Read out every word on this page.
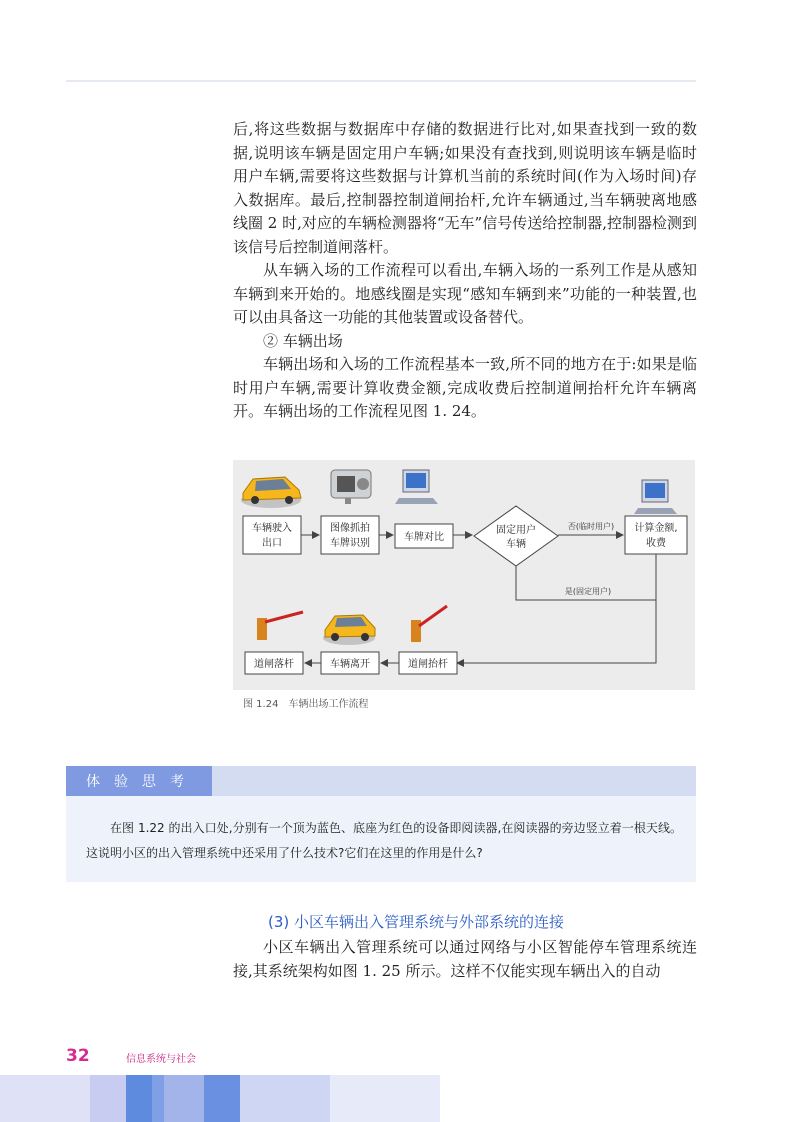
后,将这些数据与数据库中存储的数据进行比对,如果查找到一致的数据,说明该车辆是固定用户车辆;如果没有查找到,则说明该车辆是临时用户车辆,需要将这些数据与计算机当前的系统时间(作为入场时间)存入数据库。最后,控制器控制道闸抬杆,允许车辆通过,当车辆驶离地感线圈 2 时,对应的车辆检测器将“无车”信号传送给控制器,控制器检测到该信号后控制道闸落杆。

从车辆入场的工作流程可以看出,车辆入场的一系列工作是从感知车辆到来开始的。地感线圈是实现“感知车辆到来”功能的一种装置,也可以由具备这一功能的其他装置或设备替代。

② 车辆出场

车辆出场和入场的工作流程基本一致,所不同的地方在于:如果是临时用户车辆,需要计算收费金额,完成收费后控制道闸抬杆允许车辆离开。车辆出场的工作流程见图 1. 24。

车辆驶入
出口
图像抓拍
车牌识别
车牌对比
固定用户
车辆
计算金额,
收费
否(临时用户)
是(固定用户)
道闸抬杆
车辆离开
道闸落杆
图 1.24　车辆出场工作流程
体验思考

在图 1.22 的出入口处,分别有一个顶为蓝色、底座为红色的设备即阅读器,在阅读器的旁边竖立着一根天线。这说明小区的出入管理系统中还采用了什么技术?它们在这里的作用是什么?

(3) 小区车辆出入管理系统与外部系统的连接

小区车辆出入管理系统可以通过网络与小区智能停车管理系统连接,其系统架构如图 1. 25 所示。这样不仅能实现车辆出入的自动

32	信息系统与社会
